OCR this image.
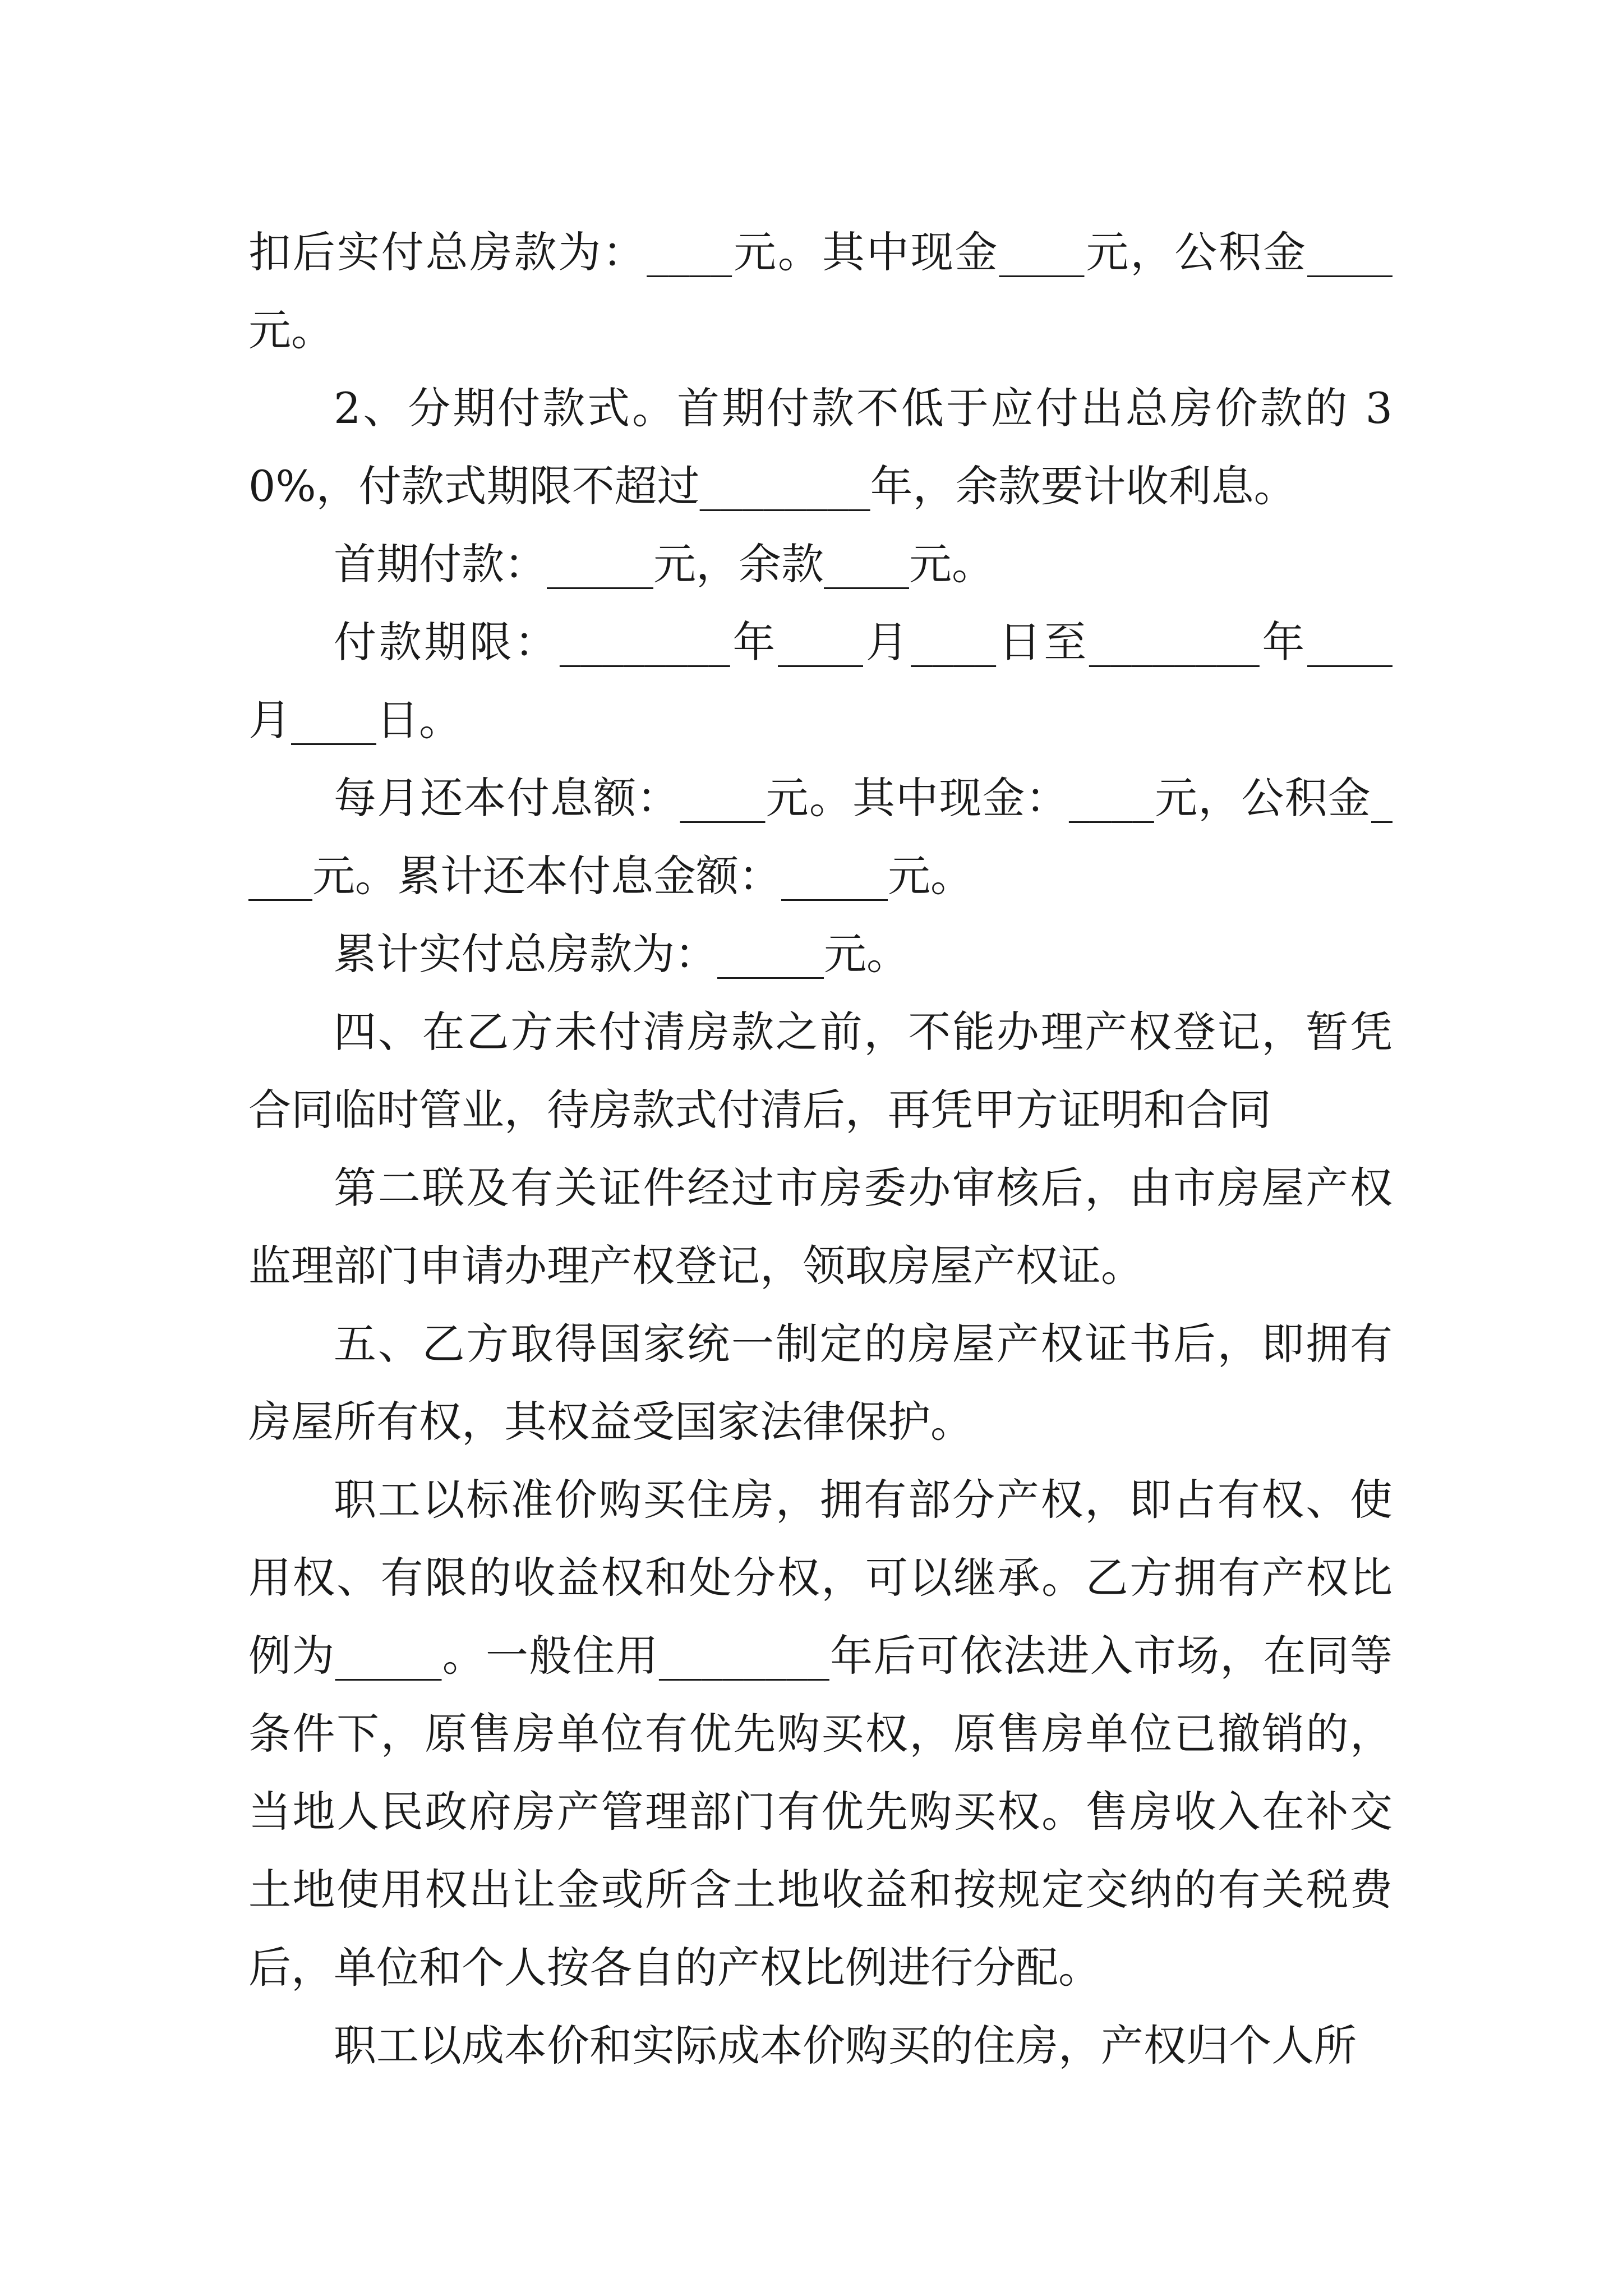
扣后实付总房款为：____元。其中现金____元，公积金____元。

2、分期付款式。首期付款不低于应付出总房价款的 30%，付款式期限不超过________年，余款要计收利息。

首期付款：_____元，余款____元。

付款期限：________年____月____日至________年____月____日。

每月还本付息额：____元。其中现金：____元，公积金____元。累计还本付息金额：_____元。

累计实付总房款为：_____元。

四、在乙方未付清房款之前，不能办理产权登记，暂凭合同临时管业，待房款式付清后，再凭甲方证明和合同

第二联及有关证件经过市房委办审核后，由市房屋产权监理部门申请办理产权登记，领取房屋产权证。

五、乙方取得国家统一制定的房屋产权证书后，即拥有房屋所有权，其权益受国家法律保护。

职工以标准价购买住房，拥有部分产权，即占有权、使用权、有限的收益权和处分权，可以继承。乙方拥有产权比例为_____。一般住用________年后可依法进入市场，在同等条件下，原售房单位有优先购买权，原售房单位已撤销的，当地人民政府房产管理部门有优先购买权。售房收入在补交土地使用权出让金或所含土地收益和按规定交纳的有关税费后，单位和个人按各自的产权比例进行分配。

职工以成本价和实际成本价购买的住房，产权归个人所
